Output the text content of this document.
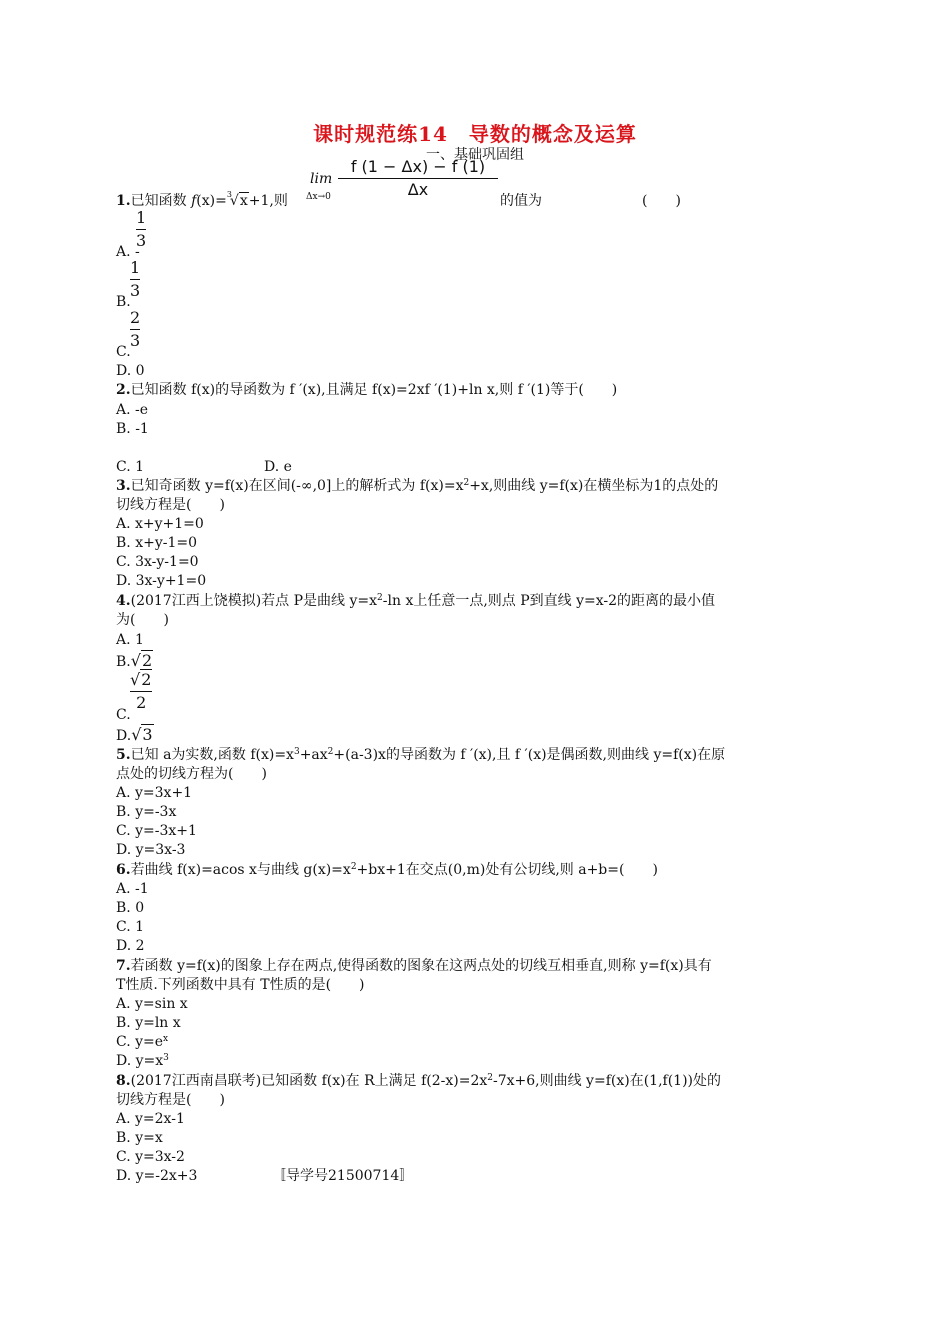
课时规范练14　导数的概念及运算
一、基础巩固组
1.已知函数 f(x)=$^3$√x+1,则
lim
Δx→0
f (1 − Δx) − f (1)
Δx
的值为	(　　)
A. -
1
3
B.
1
3
C.
2
3
D. 0
2.已知函数 f(x)的导函数为 f ′(x),且满足 f(x)=2xf ′(1)+ln x,则 f ′(1)等于(　　)
A. -e
B. -1
C. 1	D. e
3.已知奇函数 y=f(x)在区间(-∞,0]上的解析式为 $f(x)=x^2+x$,则曲线 y=f(x)在横坐标为1的点处的
切线方程是(　　)
A. x+y+1=0
B. x+y-1=0
C. 3x-y-1=0
D. 3x-y+1=0
4.(2017江西上饶模拟)若点 P是曲线 $y=x^2-\ln$ x上任意一点,则点 P到直线 y=x-2的距离的最小值
为(　　)
A. 1
B.√2
C.
√2
2
D.√3
5.已知 a为实数,函数 $f(x)=x^3+ax^2+(a-3)x$的导函数为 f ′(x),且 f ′(x)是偶函数,则曲线 y=f(x)在原
点处的切线方程为(　　)
A. y=3x+1
B. y=-3x
C. y=-3x+1
D. y=3x-3
6.若曲线 f(x)=acos x与曲线 $g(x)=x^2+bx+1$在交点(0,m)处有公切线,则 a+b=(　　)
A. -1
B. 0
C. 1
D. 2
7.若函数 y=f(x)的图象上存在两点,使得函数的图象在这两点处的切线互相垂直,则称 y=f(x)具有
T性质.下列函数中具有 T性质的是(　　)
A. y=sin x
B. y=ln x
C. $y=e^x$
D. $y=x^3$
8.(2017江西南昌联考)已知函数 f(x)在 R上满足 $f(2-x)=2x^2-7x+6$,则曲线 y=f(x)在(1,f(1))处的
切线方程是(　　)
A. y=2x-1
B. y=x
C. y=3x-2
D. y=-2x+3	〚导学号21500714〛
